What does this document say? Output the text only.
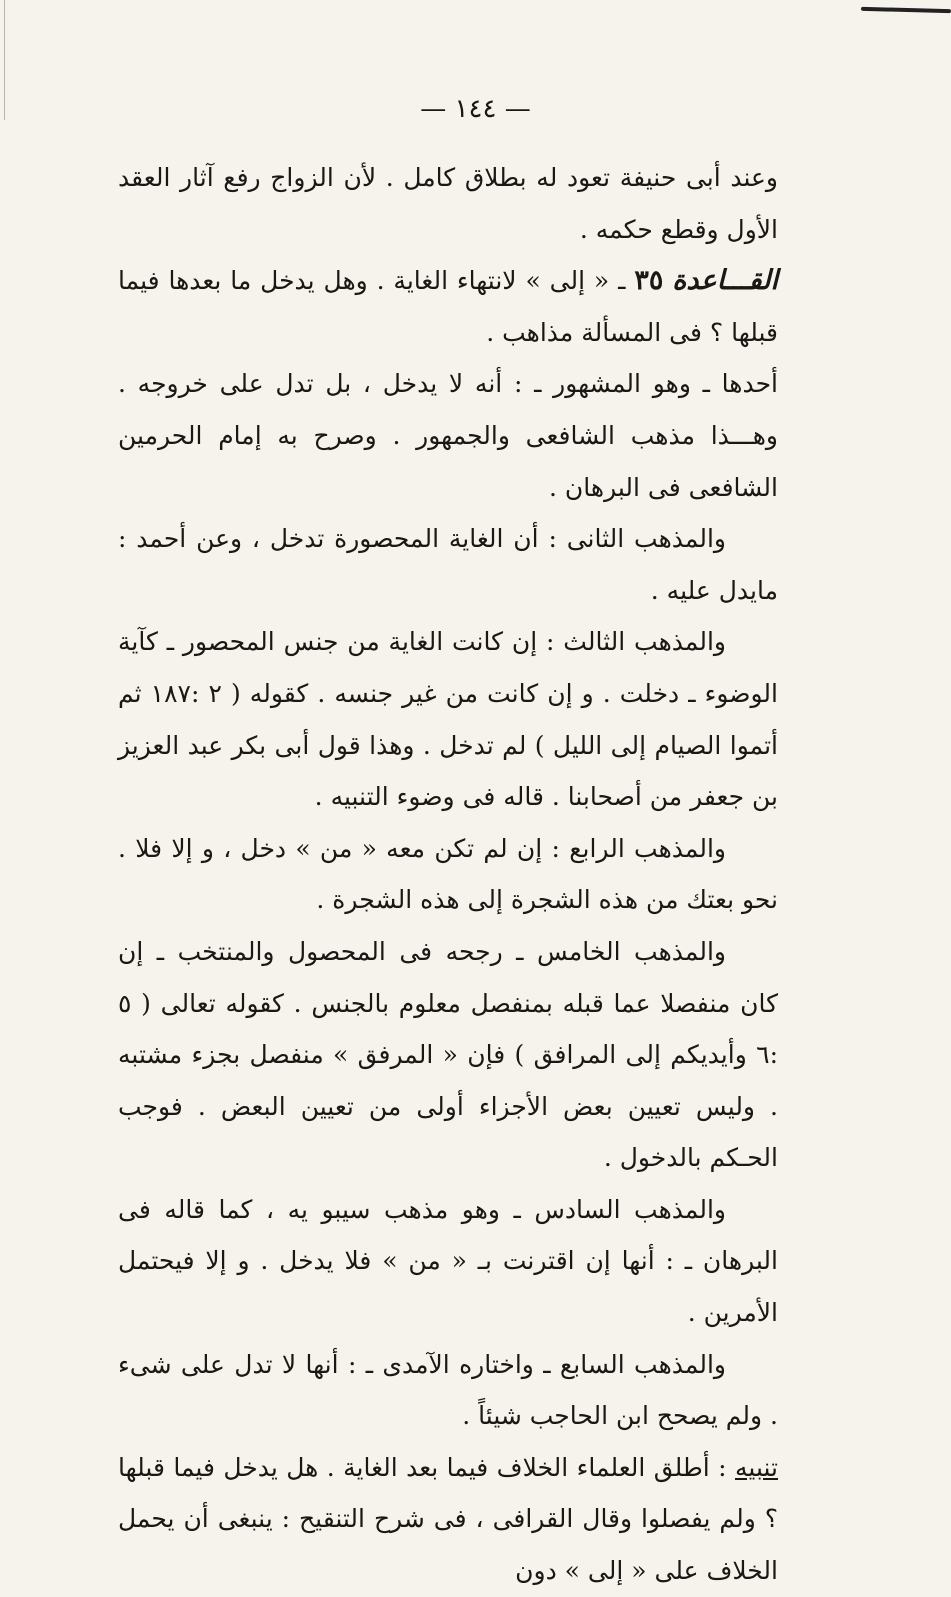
— ١٤٤ —

وعند أبى حنيفة تعود له بطلاق كامل . لأن الزواج رفع آثار العقد الأول وقطع حكمه .

القـــاعدة ٣٥ ـ « إلى » لانتهاء الغاية . وهل يدخل ما بعدها فيما قبلها ؟ فى المسألة مذاهب .

أحدها ـ وهو المشهور ـ : أنه لا يدخل ، بل تدل على خروجه . وهـــذا مذهب الشافعى والجمهور . وصرح به إمام الحرمين الشافعى فى البرهان .

والمذهب الثانى : أن الغاية المحصورة تدخل ، وعن أحمد : مايدل عليه .

والمذهب الثالث : إن كانت الغاية من جنس المحصور ـ كآية الوضوء ـ دخلت . و إن كانت من غير جنسه . كقوله ( ٢ :١٨٧ ثم أتموا الصيام إلى الليل ) لم تدخل . وهذا قول أبى بكر عبد العزيز بن جعفر من أصحابنا . قاله فى وضوء التنبيه .

والمذهب الرابع : إن لم تكن معه « من » دخل ، و إلا فلا . نحو بعتك من هذه الشجرة إلى هذه الشجرة .

والمذهب الخامس ـ رجحه فى المحصول والمنتخب ـ إن كان منفصلا عما قبله بمنفصل معلوم بالجنس . كقوله تعالى ( ٥ :٦ وأيديكم إلى المرافق ) فإن « المرفق » منفصل بجزء مشتبه . وليس تعيين بعض الأجزاء أولى من تعيين البعض . فوجب الحـكم بالدخول .

والمذهب السادس ـ وهو مذهب سيبو يه ، كما قاله فى البرهان ـ : أنها إن اقترنت بـ « من » فلا يدخل . و إلا فيحتمل الأمرين .

والمذهب السابع ـ واختاره الآمدى ـ : أنها لا تدل على شىء . ولم يصحح ابن الحاجب شيئاً .

تنبيه : أطلق العلماء الخلاف فيما بعد الغاية . هل يدخل فيما قبلها ؟ ولم يفصلوا وقال القرافى ، فى شرح التنقيح : ينبغى أن يحمل الخلاف على « إلى » دون
